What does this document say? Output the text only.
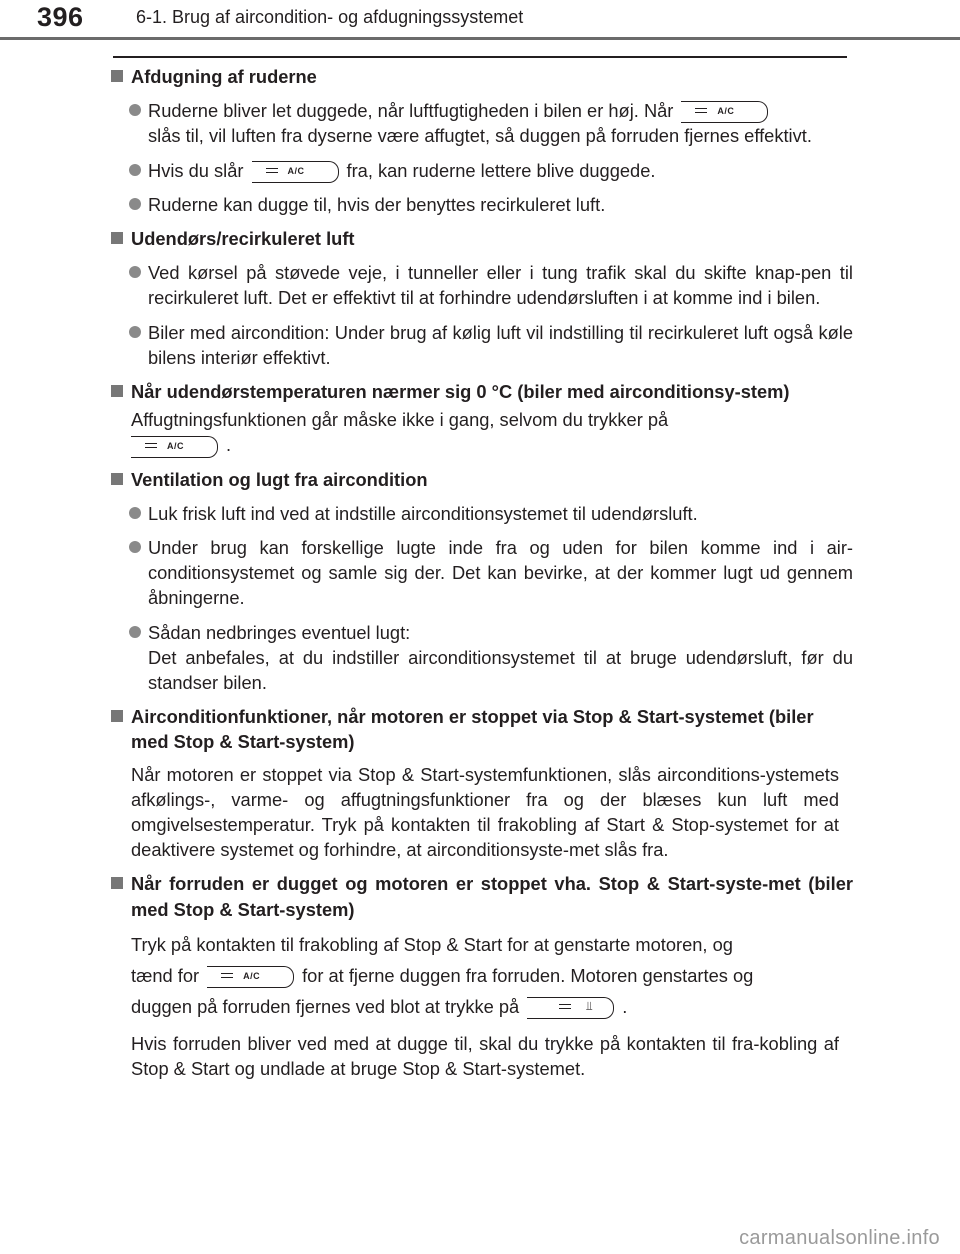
396	6-1. Brug af aircondition- og afdugningssystemet
Afdugning af ruderne
Ruderne bliver let duggede, når luftfugtigheden i bilen er høj. Når	A/C

slås til, vil luften fra dyserne være affugtet, så duggen på forruden fjernes effektivt.
Hvis du slår	A/C fra, kan ruderne lettere blive duggede.
Ruderne kan dugge til, hvis der benyttes recirkuleret luft.
Udendørs/recirkuleret luft
Ved kørsel på støvede veje, i tunneller eller i tung trafik skal du skifte knap-pen til recirkuleret luft. Det er effektivt til at forhindre udendørsluften i at komme ind i bilen.
Biler med aircondition: Under brug af kølig luft vil indstilling til recirkuleret luft også køle bilens interiør effektivt.
Når udendørstemperaturen nærmer sig 0 °C (biler med airconditionsy-stem)
Affugtningsfunktionen går måske ikke i gang, selvom du trykker på

A/C .
Ventilation og lugt fra aircondition
Luk frisk luft ind ved at indstille airconditionsystemet til udendørsluft.
Under brug kan forskellige lugte inde fra og uden for bilen komme ind i air-conditionsystemet og samle sig der. Det kan bevirke, at der kommer lugt ud gennem åbningerne.
Sådan nedbringes eventuel lugt:
Det anbefales, at du indstiller airconditionsystemet til at bruge udendørsluft, før du standser bilen.
Airconditionfunktioner, når motoren er stoppet via Stop & Start-systemet (biler med Stop & Start-system)
Når motoren er stoppet via Stop & Start-systemfunktionen, slås airconditions-ystemets afkølings-, varme- og affugtningsfunktioner fra og der blæses kun luft med omgivelsestemperatur. Tryk på kontakten til frakobling af Start & Stop-systemet for at deaktivere systemet og forhindre, at airconditionsyste-met slås fra.
Når forruden er dugget og motoren er stoppet vha. Stop & Start-syste-met (biler med Stop & Start-system)
Tryk på kontakten til frakobling af Stop & Start for at genstarte motoren, og
tænd for	A/C for at fjerne duggen fra forruden. Motoren genstartes og
duggen på forruden fjernes ved blot at trykke på	⫫ .
Hvis forruden bliver ved med at dugge til, skal du trykke på kontakten til fra-kobling af Stop & Start og undlade at bruge Stop & Start-systemet.
carmanualsonline.info
